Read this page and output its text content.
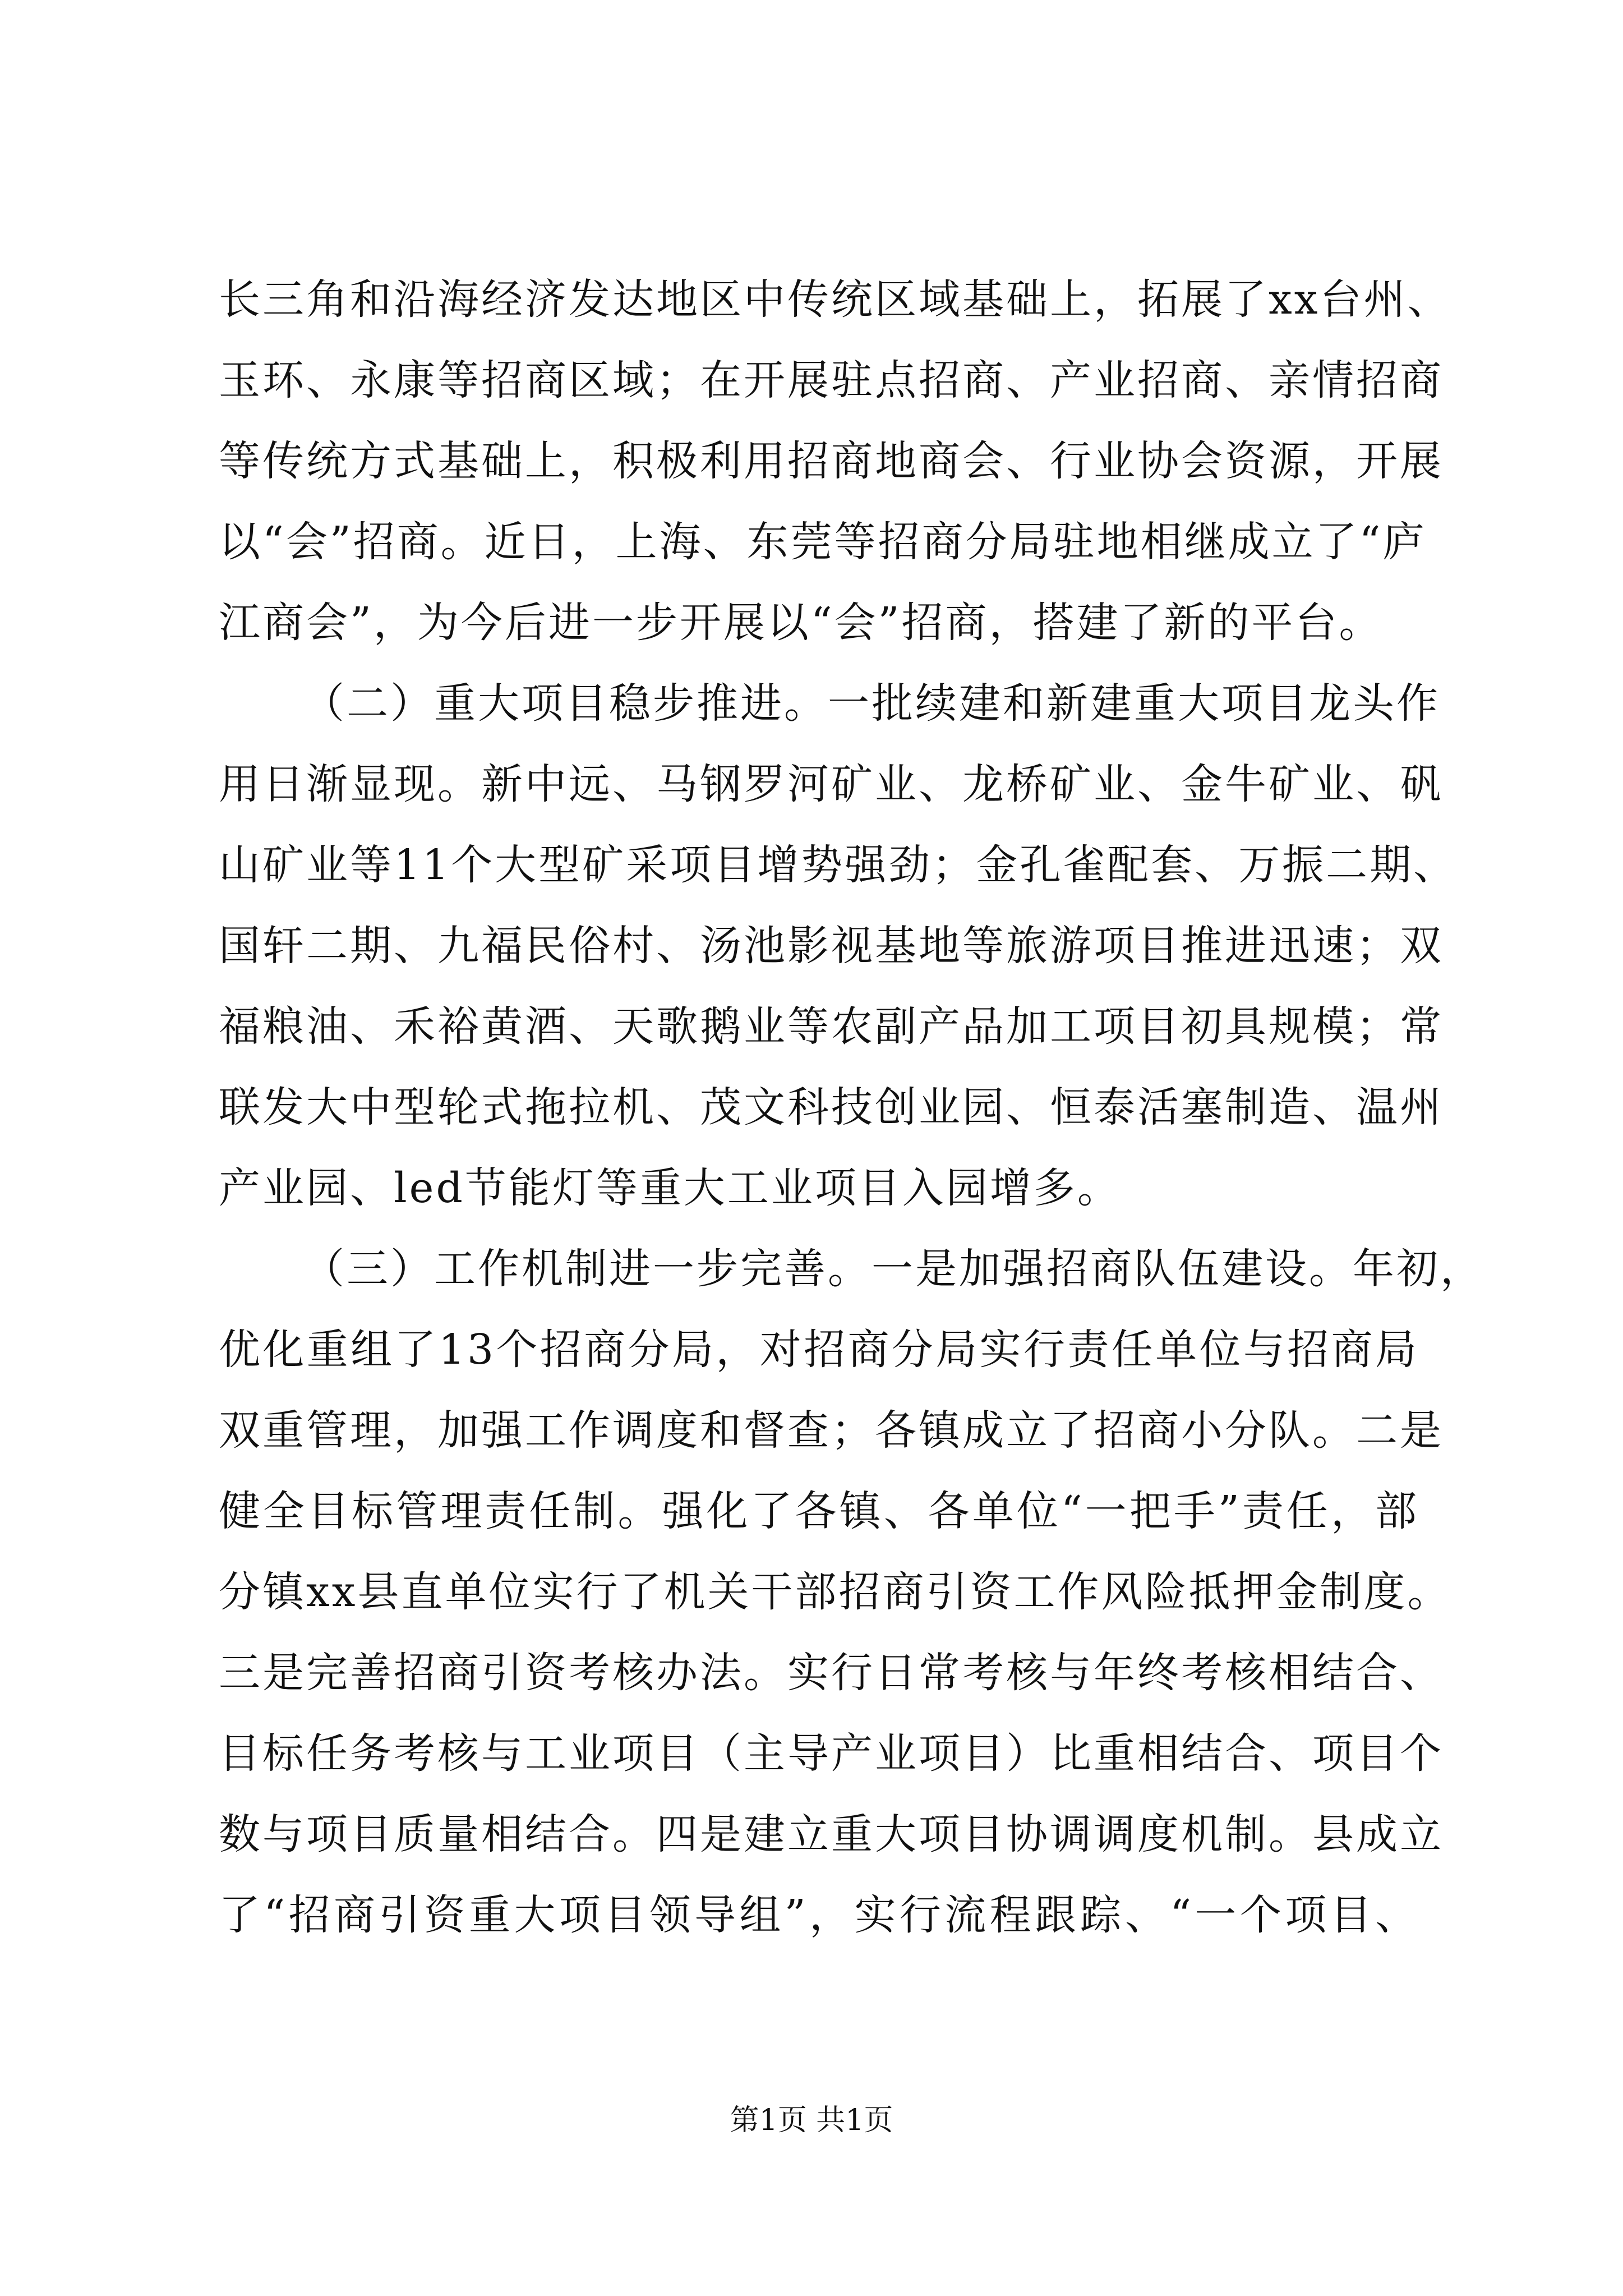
长三角和沿海经济发达地区中传统区域基础上，拓展了xx台州、
玉环、永康等招商区域；在开展驻点招商、产业招商、亲情招商
等传统方式基础上，积极利用招商地商会、行业协会资源，开展
以“会”招商。近日，上海、东莞等招商分局驻地相继成立了“庐
江商会”，为今后进一步开展以“会”招商，搭建了新的平台。
（二）重大项目稳步推进。一批续建和新建重大项目龙头作
用日渐显现。新中远、马钢罗河矿业、龙桥矿业、金牛矿业、矾
山矿业等11个大型矿采项目增势强劲；金孔雀配套、万振二期、
国轩二期、九福民俗村、汤池影视基地等旅游项目推进迅速；双
福粮油、禾裕黄酒、天歌鹅业等农副产品加工项目初具规模；常
联发大中型轮式拖拉机、茂文科技创业园、恒泰活塞制造、温州
产业园、led节能灯等重大工业项目入园增多。
（三）工作机制进一步完善。一是加强招商队伍建设。年初，
优化重组了13个招商分局，对招商分局实行责任单位与招商局
双重管理，加强工作调度和督查；各镇成立了招商小分队。二是
健全目标管理责任制。强化了各镇、各单位“一把手”责任，部
分镇xx县直单位实行了机关干部招商引资工作风险抵押金制度。
三是完善招商引资考核办法。实行日常考核与年终考核相结合、
目标任务考核与工业项目（主导产业项目）比重相结合、项目个
数与项目质量相结合。四是建立重大项目协调调度机制。县成立
了“招商引资重大项目领导组”，实行流程跟踪、“一个项目、
第1页 共1页
